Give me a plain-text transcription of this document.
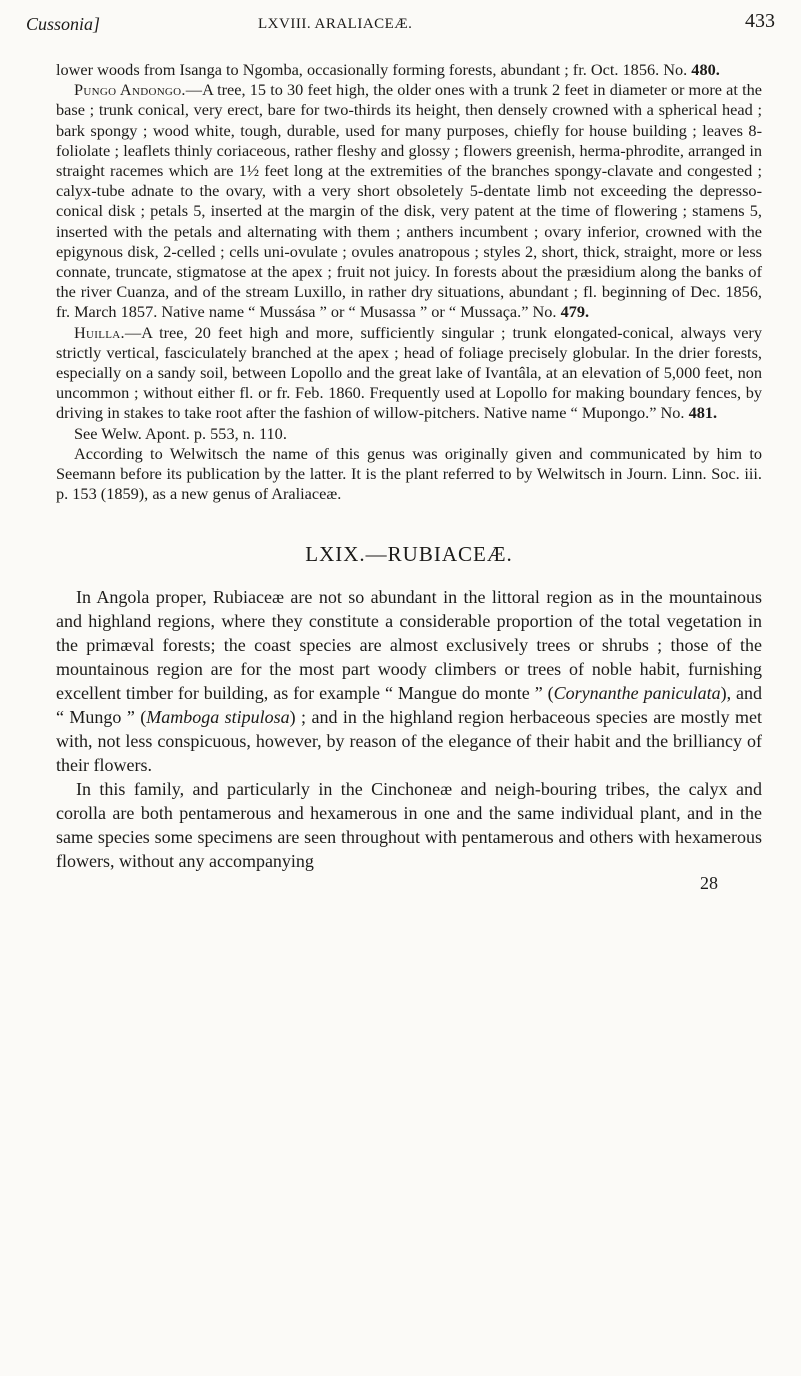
Cussonia]	LXVIII. ARALIACEÆ.	433

lower woods from Isanga to Ngomba, occasionally forming forests, abundant ; fr. Oct. 1856. No. 480.

Pungo Andongo.—A tree, 15 to 30 feet high, the older ones with a trunk 2 feet in diameter or more at the base ; trunk conical, very erect, bare for two-thirds its height, then densely crowned with a spherical head ; bark spongy ; wood white, tough, durable, used for many purposes, chiefly for house building ; leaves 8-foliolate ; leaflets thinly coriaceous, rather fleshy and glossy ; flowers greenish, herma-phrodite, arranged in straight racemes which are 1½ feet long at the extremities of the branches spongy-clavate and congested ; calyx-tube adnate to the ovary, with a very short obsoletely 5-dentate limb not exceeding the depresso-conical disk ; petals 5, inserted at the margin of the disk, very patent at the time of flowering ; stamens 5, inserted with the petals and alternating with them ; anthers incumbent ; ovary inferior, crowned with the epigynous disk, 2-celled ; cells uni-ovulate ; ovules anatropous ; styles 2, short, thick, straight, more or less connate, truncate, stigmatose at the apex ; fruit not juicy. In forests about the præsidium along the banks of the river Cuanza, and of the stream Luxillo, in rather dry situations, abundant ; fl. beginning of Dec. 1856, fr. March 1857. Native name “ Mussása ” or “ Musassa ” or “ Mussaça.” No. 479.

Huilla.—A tree, 20 feet high and more, sufficiently singular ; trunk elongated-conical, always very strictly vertical, fasciculately branched at the apex ; head of foliage precisely globular. In the drier forests, especially on a sandy soil, between Lopollo and the great lake of Ivantâla, at an elevation of 5,000 feet, non uncommon ; without either fl. or fr. Feb. 1860. Frequently used at Lopollo for making boundary fences, by driving in stakes to take root after the fashion of willow-pitchers. Native name “ Mupongo.” No. 481.

See Welw. Apont. p. 553, n. 110.

According to Welwitsch the name of this genus was originally given and communicated by him to Seemann before its publication by the latter. It is the plant referred to by Welwitsch in Journ. Linn. Soc. iii. p. 153 (1859), as a new genus of Araliaceæ.

LXIX.—RUBIACEÆ.

In Angola proper, Rubiaceæ are not so abundant in the littoral region as in the mountainous and highland regions, where they constitute a considerable proportion of the total vegetation in the primæval forests; the coast species are almost exclusively trees or shrubs ; those of the mountainous region are for the most part woody climbers or trees of noble habit, furnishing excellent timber for building, as for example “ Mangue do monte ” (Corynanthe paniculata), and “ Mungo ” (Mamboga stipulosa) ; and in the highland region herbaceous species are mostly met with, not less conspicuous, however, by reason of the elegance of their habit and the brilliancy of their flowers.

In this family, and particularly in the Cinchoneæ and neigh-bouring tribes, the calyx and corolla are both pentamerous and hexamerous in one and the same individual plant, and in the same species some specimens are seen throughout with pentamerous and others with hexamerous flowers, without any accompanying

28
